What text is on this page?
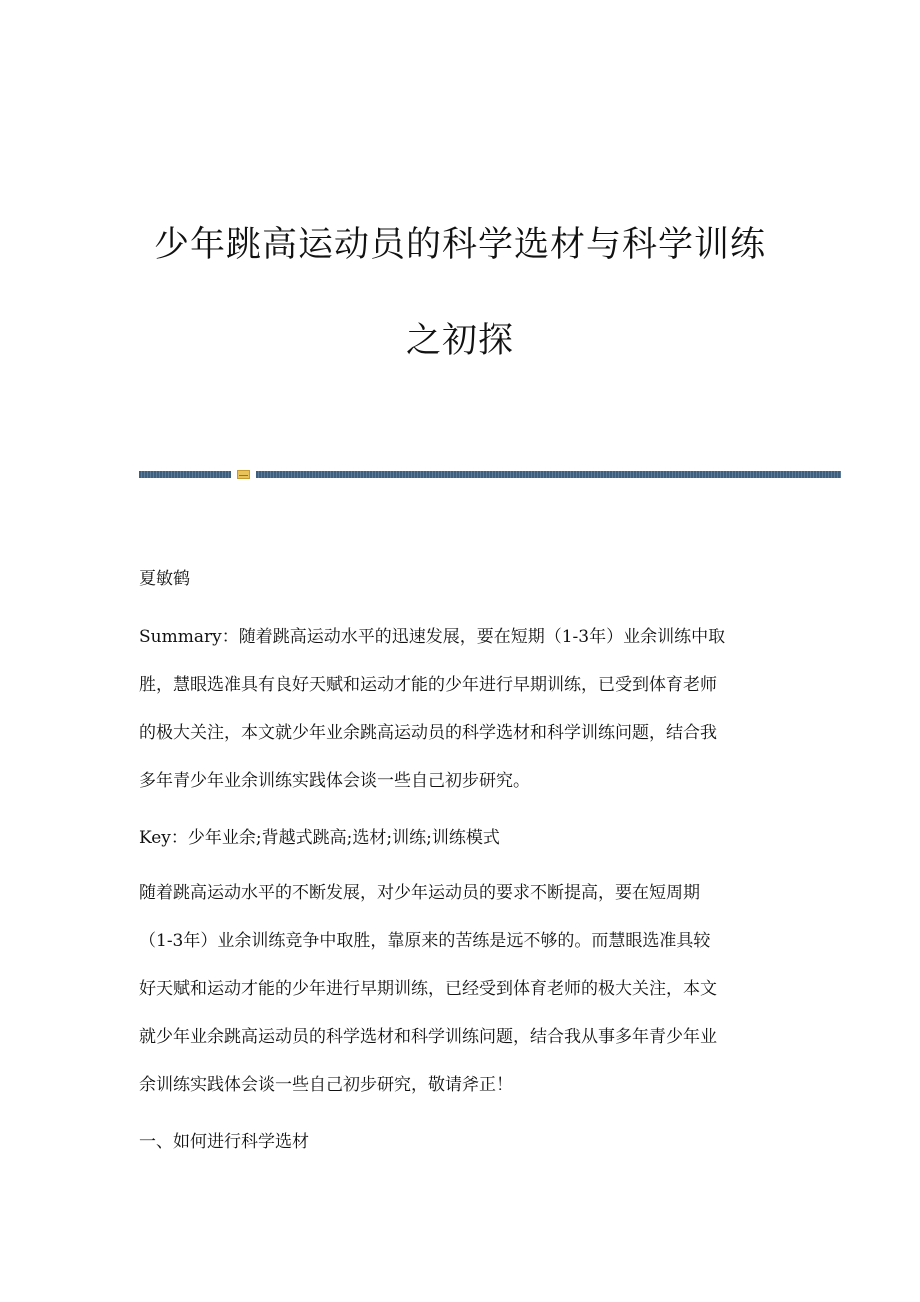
少年跳高运动员的科学选材与科学训练
之初探
夏敏鹤
Summary：随着跳高运动水平的迅速发展，要在短期（1-3年）业余训练中取
胜，慧眼选准具有良好天赋和运动才能的少年进行早期训练，已受到体育老师
的极大关注，本文就少年业余跳高运动员的科学选材和科学训练问题，结合我
多年青少年业余训练实践体会谈一些自己初步研究。
Key：少年业余;背越式跳高;选材;训练;训练模式
随着跳高运动水平的不断发展，对少年运动员的要求不断提高，要在短周期
（1-3年）业余训练竞争中取胜，靠原来的苦练是远不够的。而慧眼选准具较
好天赋和运动才能的少年进行早期训练，已经受到体育老师的极大关注，本文
就少年业余跳高运动员的科学选材和科学训练问题，结合我从事多年青少年业
余训练实践体会谈一些自己初步研究，敬请斧正！
一、如何进行科学选材
